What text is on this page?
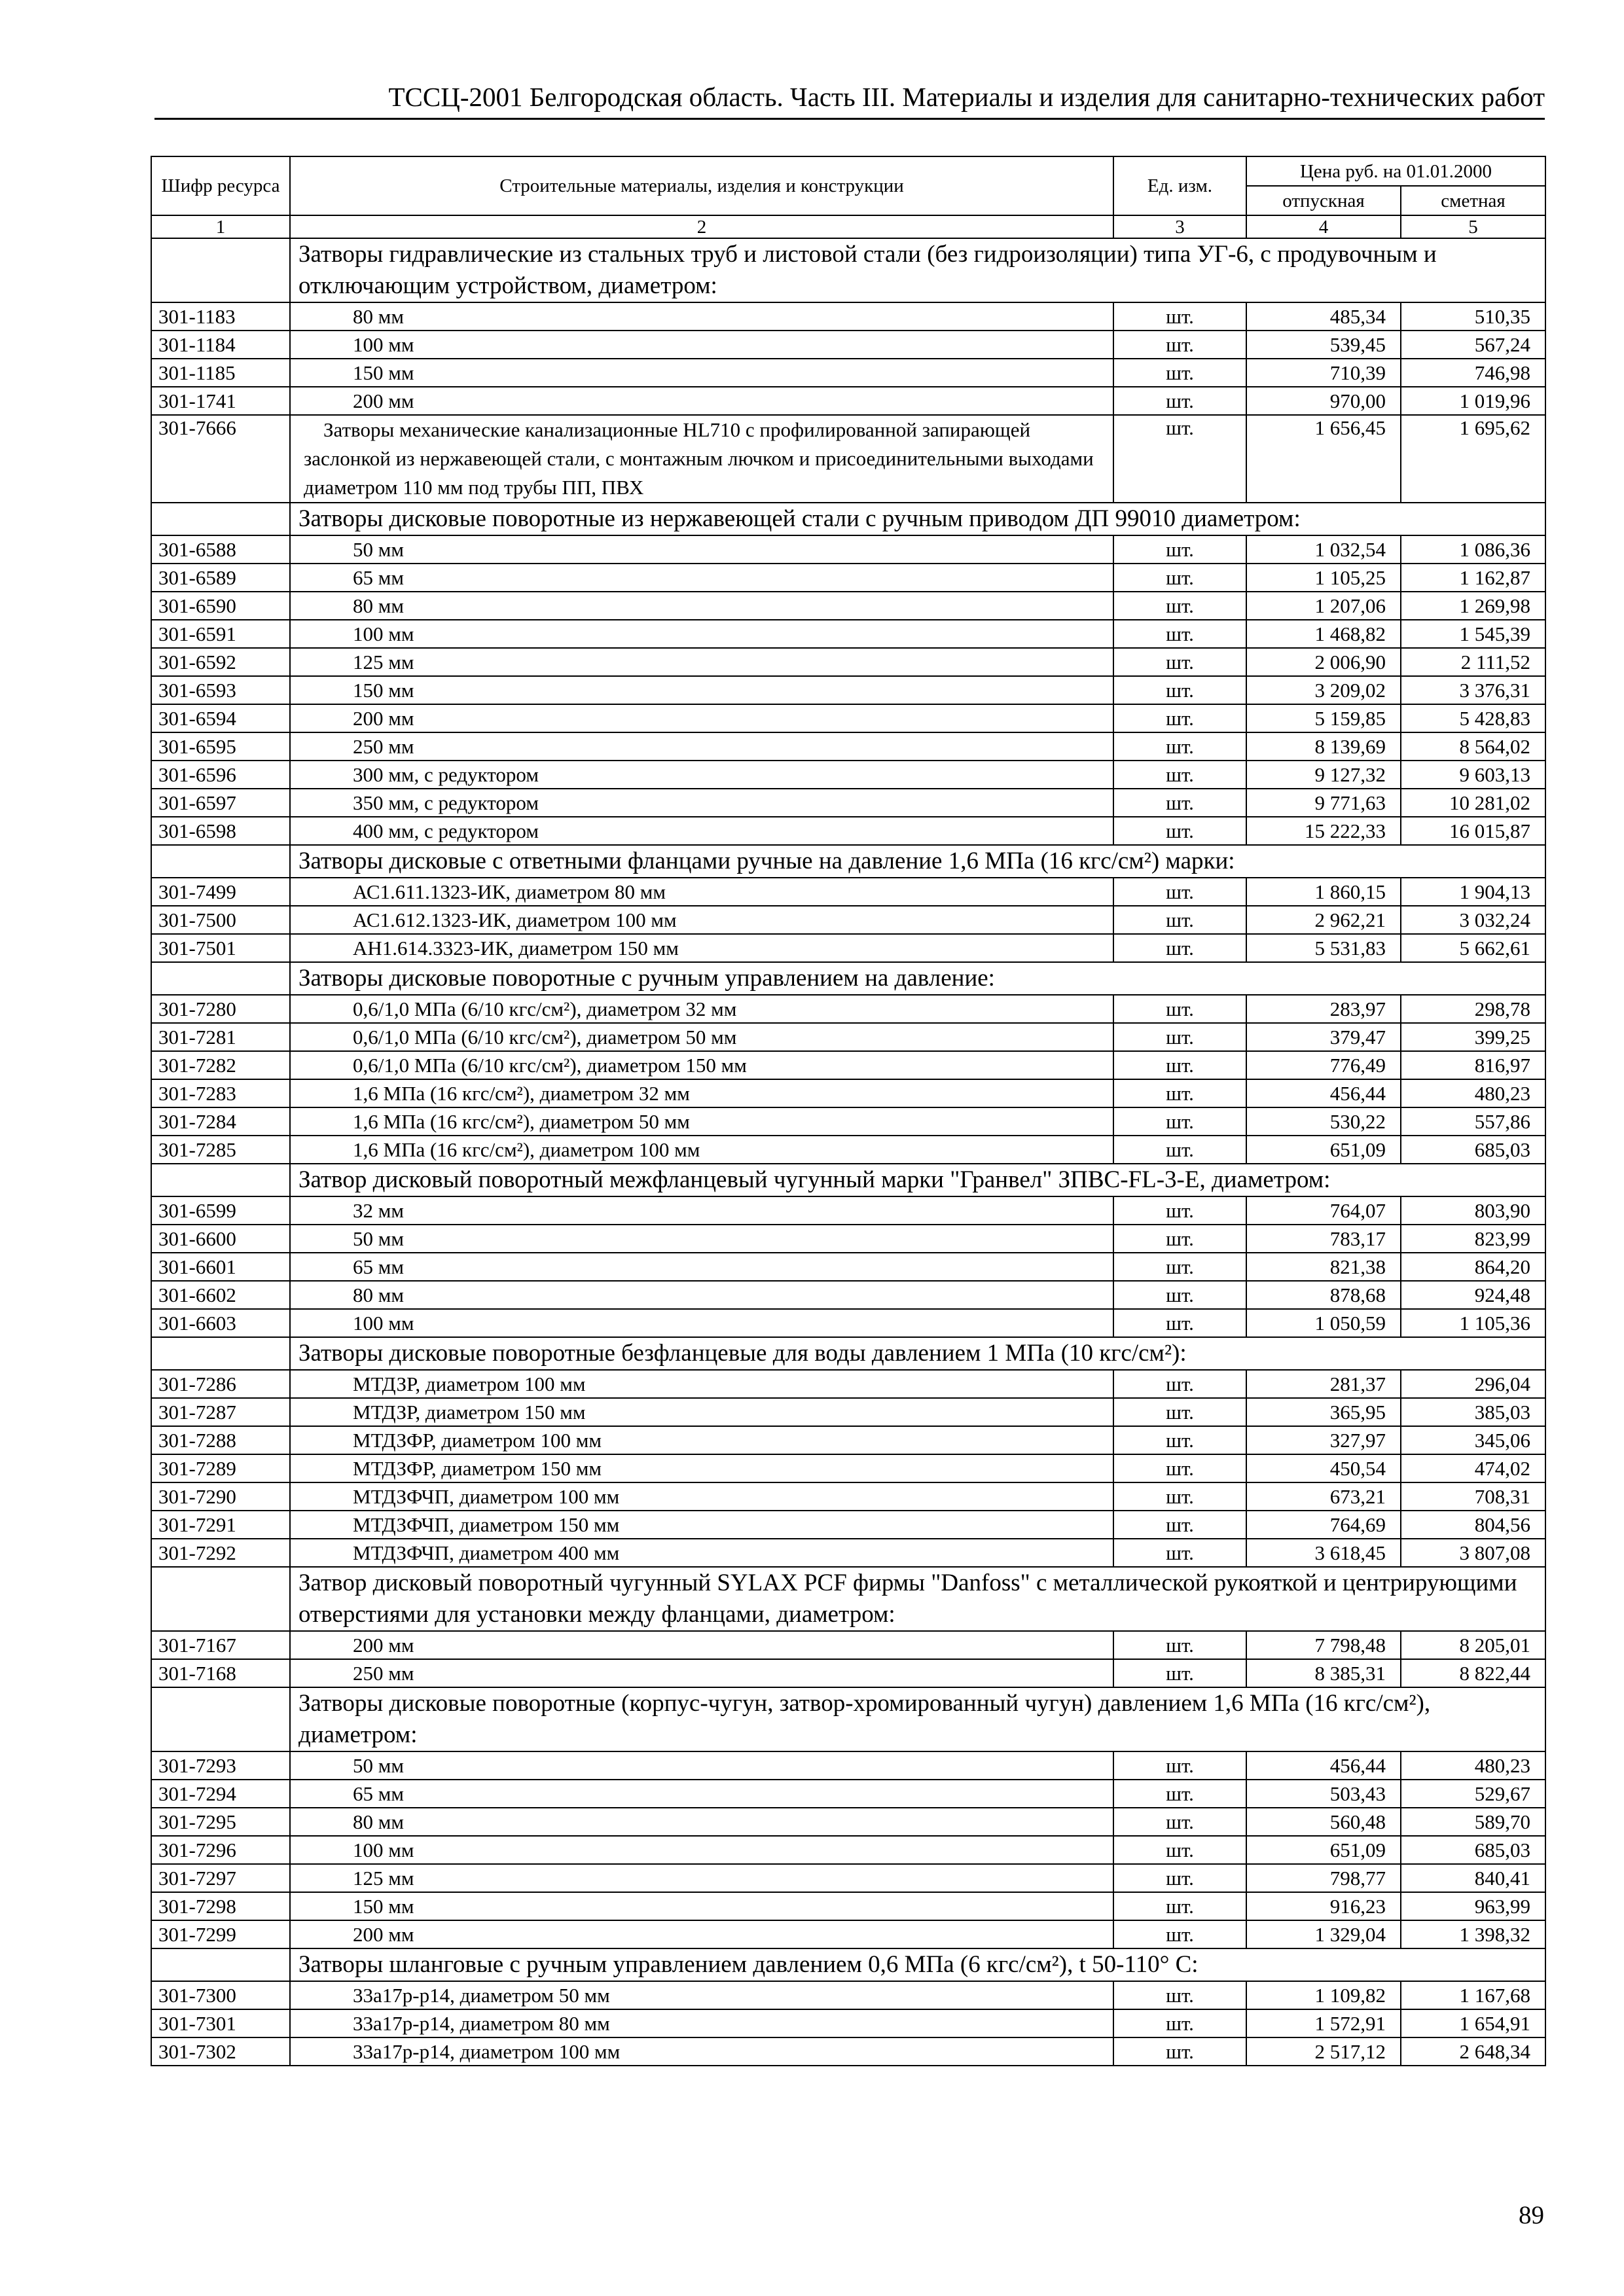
ТССЦ-2001 Белгородская область. Часть III. Материалы и изделия для санитарно-технических работ
Шифр ресурса	Строительные материалы, изделия и конструкции	Ед. изм.	Цена руб. на 01.01.2000	
			отпускная	сметная
1	2	3	4	5
	Затворы гидравлические из стальных труб и листовой стали (без гидроизоляции) типа УГ-6, с продувочным и отключающим устройством, диаметром:			
301-1183	80 мм	шт.	485,34	510,35
301-1184	100 мм	шт.	539,45	567,24
301-1185	150 мм	шт.	710,39	746,98
301-1741	200 мм	шт.	970,00	1 019,96
301-7666	Затворы механические канализационные HL710 с профилированной запирающей заслонкой из нержавеющей стали, с монтажным лючком и присоединительными выходами диаметром 110 мм под трубы ПП, ПВХ	шт.	1 656,45	1 695,62
	Затворы дисковые поворотные из нержавеющей стали с ручным приводом ДП 99010 диаметром:			
301-6588	50 мм	шт.	1 032,54	1 086,36
301-6589	65 мм	шт.	1 105,25	1 162,87
301-6590	80 мм	шт.	1 207,06	1 269,98
301-6591	100 мм	шт.	1 468,82	1 545,39
301-6592	125 мм	шт.	2 006,90	2 111,52
301-6593	150 мм	шт.	3 209,02	3 376,31
301-6594	200 мм	шт.	5 159,85	5 428,83
301-6595	250 мм	шт.	8 139,69	8 564,02
301-6596	300 мм, с редуктором	шт.	9 127,32	9 603,13
301-6597	350 мм, с редуктором	шт.	9 771,63	10 281,02
301-6598	400 мм, с редуктором	шт.	15 222,33	16 015,87
	Затворы дисковые с ответными фланцами ручные на давление 1,6 МПа (16 кгс/см²) марки:			
301-7499	АС1.611.1323-ИК, диаметром 80 мм	шт.	1 860,15	1 904,13
301-7500	АС1.612.1323-ИК, диаметром 100 мм	шт.	2 962,21	3 032,24
301-7501	АН1.614.3323-ИК, диаметром 150 мм	шт.	5 531,83	5 662,61
	Затворы дисковые поворотные с ручным управлением на давление:			
301-7280	0,6/1,0 МПа (6/10 кгс/см²), диаметром 32 мм	шт.	283,97	298,78
301-7281	0,6/1,0 МПа (6/10 кгс/см²), диаметром 50 мм	шт.	379,47	399,25
301-7282	0,6/1,0 МПа (6/10 кгс/см²), диаметром 150 мм	шт.	776,49	816,97
301-7283	1,6 МПа (16 кгс/см²), диаметром 32 мм	шт.	456,44	480,23
301-7284	1,6 МПа (16 кгс/см²), диаметром 50 мм	шт.	530,22	557,86
301-7285	1,6 МПа (16 кгс/см²), диаметром 100 мм	шт.	651,09	685,03
	Затвор дисковый поворотный межфланцевый чугунный марки "Гранвел" ЗПВС-FL-3-E, диаметром:			
301-6599	32 мм	шт.	764,07	803,90
301-6600	50 мм	шт.	783,17	823,99
301-6601	65 мм	шт.	821,38	864,20
301-6602	80 мм	шт.	878,68	924,48
301-6603	100 мм	шт.	1 050,59	1 105,36
	Затворы дисковые поворотные безфланцевые для воды давлением 1 МПа (10 кгс/см²):			
301-7286	МТДЗР, диаметром 100 мм	шт.	281,37	296,04
301-7287	МТДЗР, диаметром 150 мм	шт.	365,95	385,03
301-7288	МТДЗФР, диаметром 100 мм	шт.	327,97	345,06
301-7289	МТДЗФР, диаметром 150 мм	шт.	450,54	474,02
301-7290	МТДЗФЧП, диаметром 100 мм	шт.	673,21	708,31
301-7291	МТДЗФЧП, диаметром 150 мм	шт.	764,69	804,56
301-7292	МТДЗФЧП, диаметром 400 мм	шт.	3 618,45	3 807,08
	Затвор дисковый поворотный чугунный SYLAX PCF фирмы "Danfoss" с металлической рукояткой и центрирующими отверстиями для установки между фланцами, диаметром:			
301-7167	200 мм	шт.	7 798,48	8 205,01
301-7168	250 мм	шт.	8 385,31	8 822,44
	Затворы дисковые поворотные (корпус-чугун, затвор-хромированный чугун) давлением 1,6 МПа (16 кгс/см²), диаметром:			
301-7293	50 мм	шт.	456,44	480,23
301-7294	65 мм	шт.	503,43	529,67
301-7295	80 мм	шт.	560,48	589,70
301-7296	100 мм	шт.	651,09	685,03
301-7297	125 мм	шт.	798,77	840,41
301-7298	150 мм	шт.	916,23	963,99
301-7299	200 мм	шт.	1 329,04	1 398,32
	Затворы шланговые с ручным управлением давлением 0,6 МПа (6 кгс/см²), t 50-110° С:			
301-7300	33а17р-р14, диаметром 50 мм	шт.	1 109,82	1 167,68
301-7301	33а17р-р14, диаметром 80 мм	шт.	1 572,91	1 654,91
301-7302	33а17р-р14, диаметром 100 мм	шт.	2 517,12	2 648,34
89
